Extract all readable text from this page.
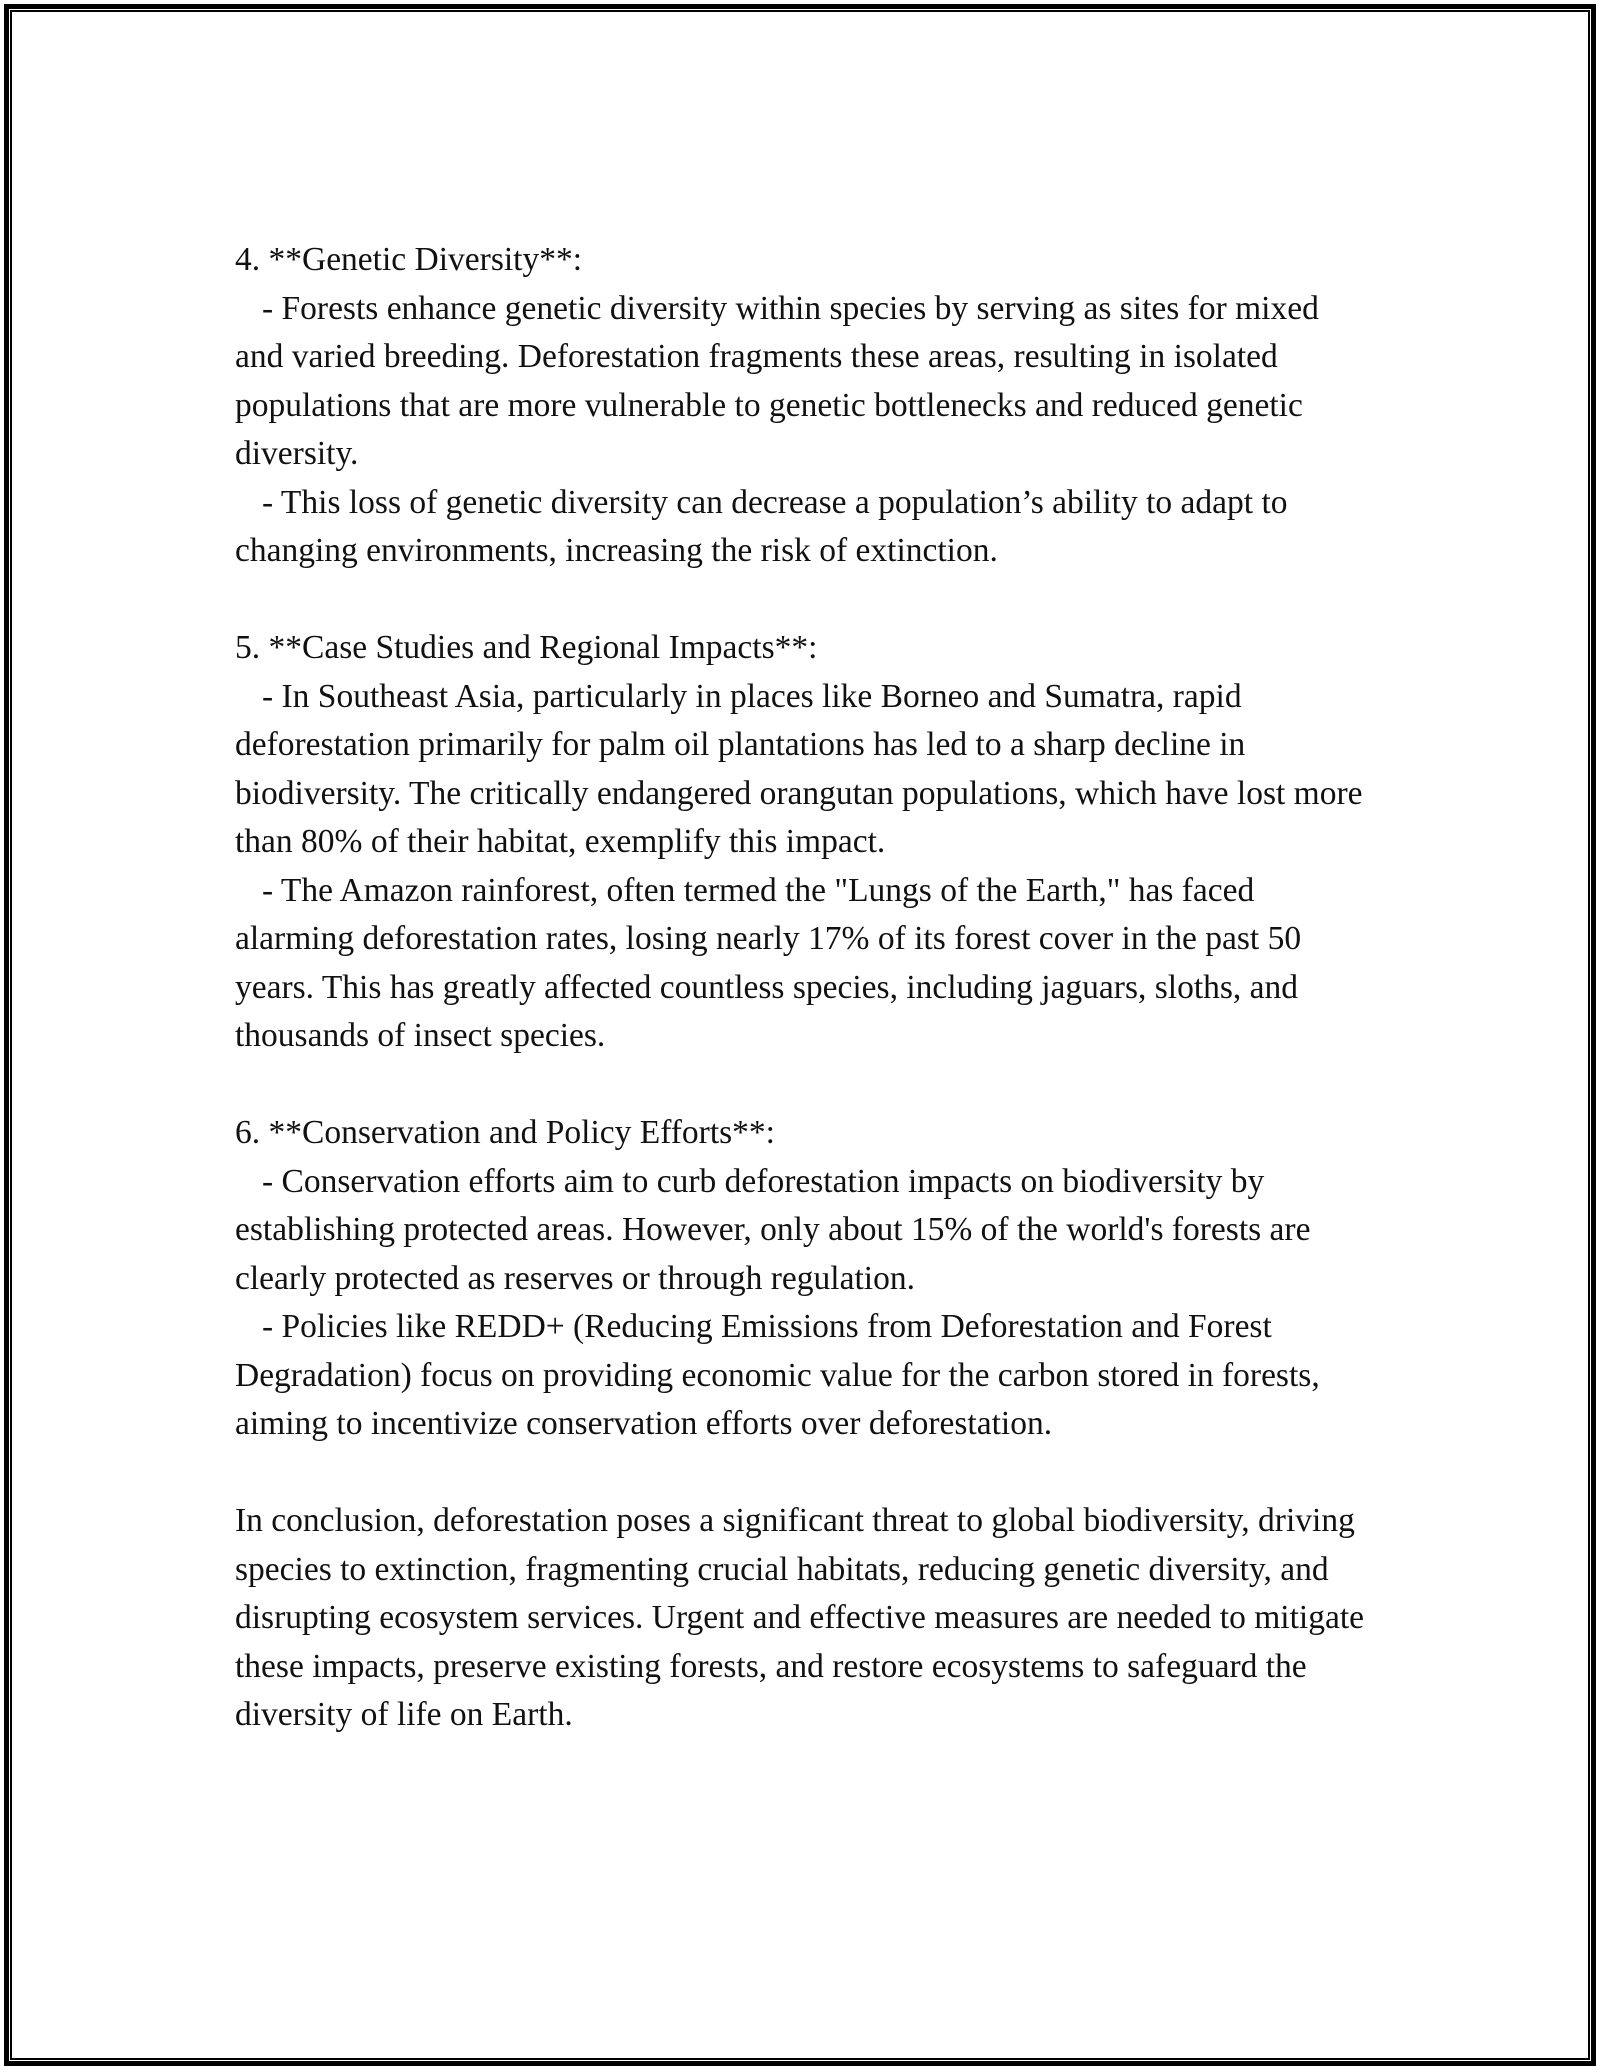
4. **Genetic Diversity**:

- Forests enhance genetic diversity within species by serving as sites for mixed and varied breeding. Deforestation fragments these areas, resulting in isolated populations that are more vulnerable to genetic bottlenecks and reduced genetic diversity.

- This loss of genetic diversity can decrease a population’s ability to adapt to changing environments, increasing the risk of extinction.

5. **Case Studies and Regional Impacts**:

- In Southeast Asia, particularly in places like Borneo and Sumatra, rapid deforestation primarily for palm oil plantations has led to a sharp decline in biodiversity. The critically endangered orangutan populations, which have lost more than 80% of their habitat, exemplify this impact.

- The Amazon rainforest, often termed the "Lungs of the Earth," has faced alarming deforestation rates, losing nearly 17% of its forest cover in the past 50 years. This has greatly affected countless species, including jaguars, sloths, and thousands of insect species.

6. **Conservation and Policy Efforts**:

- Conservation efforts aim to curb deforestation impacts on biodiversity by establishing protected areas. However, only about 15% of the world's forests are clearly protected as reserves or through regulation.

- Policies like REDD+ (Reducing Emissions from Deforestation and Forest Degradation) focus on providing economic value for the carbon stored in forests, aiming to incentivize conservation efforts over deforestation.

In conclusion, deforestation poses a significant threat to global biodiversity, driving species to extinction, fragmenting crucial habitats, reducing genetic diversity, and disrupting ecosystem services. Urgent and effective measures are needed to mitigate these impacts, preserve existing forests, and restore ecosystems to safeguard the diversity of life on Earth.
